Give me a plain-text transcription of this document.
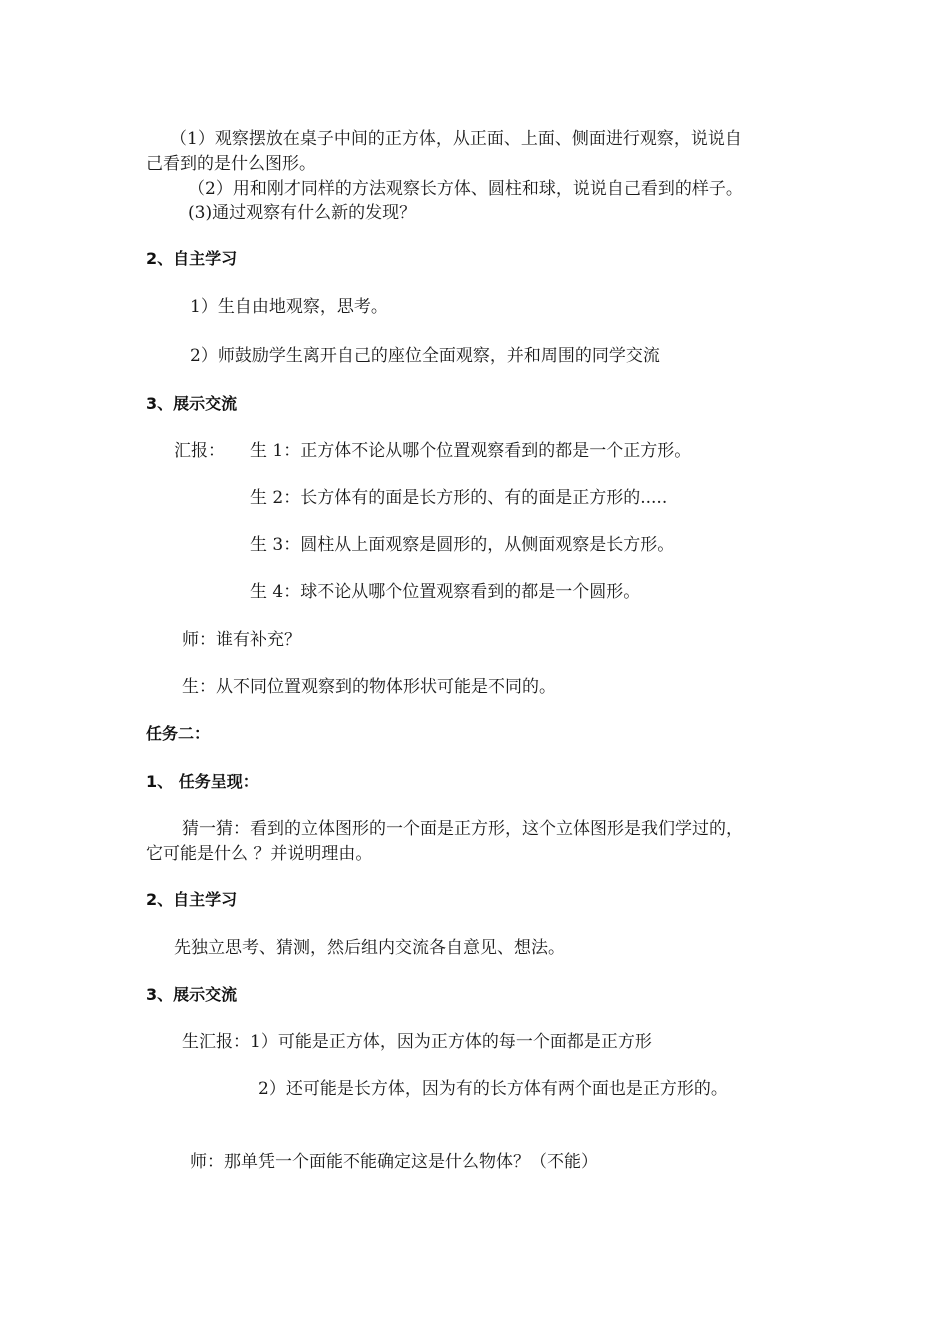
（1）观察摆放在桌子中间的正方体，从正面、上面、侧面进行观察，说说自
己看到的是什么图形。
（2）用和刚才同样的方法观察长方体、圆柱和球，说说自己看到的样子。
(3)通过观察有什么新的发现？
2、自主学习
1）生自由地观察，思考。
2）师鼓励学生离开自己的座位全面观察，并和周围的同学交流
3、展示交流
汇报： 生 1：正方体不论从哪个位置观察看到的都是一个正方形。
生 2：长方体有的面是长方形的、有的面是正方形的.....
生 3：圆柱从上面观察是圆形的，从侧面观察是长方形。
生 4：球不论从哪个位置观察看到的都是一个圆形。
师：谁有补充？
生：从不同位置观察到的物体形状可能是不同的。
任务二：
1、 任务呈现：
猜一猜：看到的立体图形的一个面是正方形，这个立体图形是我们学过的，
它可能是什么 ？并说明理由。
2、自主学习
先独立思考、猜测，然后组内交流各自意见、想法。
3、展示交流
生汇报：1）可能是正方体，因为正方体的每一个面都是正方形
2）还可能是长方体，因为有的长方体有两个面也是正方形的。
师：那单凭一个面能不能确定这是什么物体？（不能）
